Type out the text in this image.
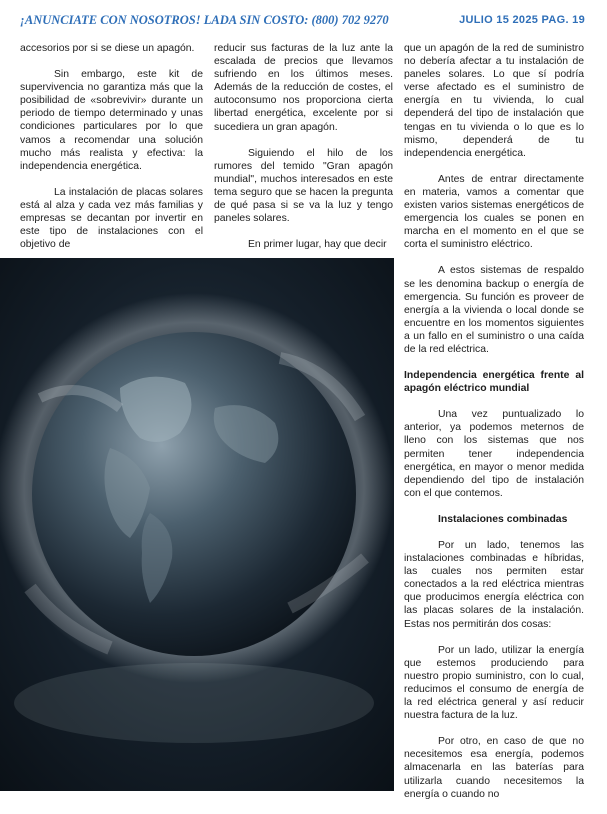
¡ANUNCIATE CON NOSOTROS! LADA SIN COSTO: (800) 702 9270	JULIO 15 2025 PAG. 19

accesorios por si se diese un apagón.

Sin embargo, este kit de supervivencia no garantiza más que la posibilidad de «sobrevivir» durante un periodo de tiempo determinado y unas condiciones particulares por lo que vamos a recomendar una solución mucho más realista y efectiva: la independencia energética.

La instalación de placas solares está al alza y cada vez más familias y empresas se decantan por invertir en este tipo de instalaciones con el objetivo de

reducir sus facturas de la luz ante la escalada de precios que llevamos sufriendo en los últimos meses. Además de la reducción de costes, el autoconsumo nos proporciona cierta libertad energética, excelente por si sucediera un gran apagón.

Siguiendo el hilo de los rumores del temido "Gran apagón mundial", muchos interesados en este tema seguro que se hacen la pregunta de qué pasa si se va la luz y tengo paneles solares.

En primer lugar, hay que decir

que un apagón de la red de suministro no debería afectar a tu instalación de paneles solares. Lo que sí podría verse afectado es el suministro de energía en tu vivienda, lo cual dependerá del tipo de instalación que tengas en tu vivienda o lo que es lo mismo, dependerá de tu independencia energética.

Antes de entrar directamente en materia, vamos a comentar que existen varios sistemas energéticos de emergencia los cuales se ponen en marcha en el momento en el que se corta el suministro eléctrico.

A estos sistemas de respaldo se les denomina backup o energía de emergencia. Su función es proveer de energía a la vivienda o local donde se encuentre en los momentos siguientes a un fallo en el suministro o una caída de la red eléctrica.

Independencia energética frente al apagón eléctrico mundial

Una vez puntualizado lo anterior, ya podemos meternos de lleno con los sistemas que nos permiten tener independencia energética, en mayor o menor medida dependiendo del tipo de instalación con el que contemos.

Instalaciones combinadas

Por un lado, tenemos las instalaciones combinadas e híbridas, las cuales nos permiten estar conectados a la red eléctrica mientras que producimos energía eléctrica con las placas solares de la instalación. Estas nos permitirán dos cosas:

Por un lado, utilizar la energía que estemos produciendo para nuestro propio suministro, con lo cual, reducimos el consumo de energía de la red eléctrica general y así reducir nuestra factura de la luz.

Por otro, en caso de que no necesitemos esa energía, podemos almacenarla en las baterías para utilizarla cuando necesitemos la energía o cuando no
